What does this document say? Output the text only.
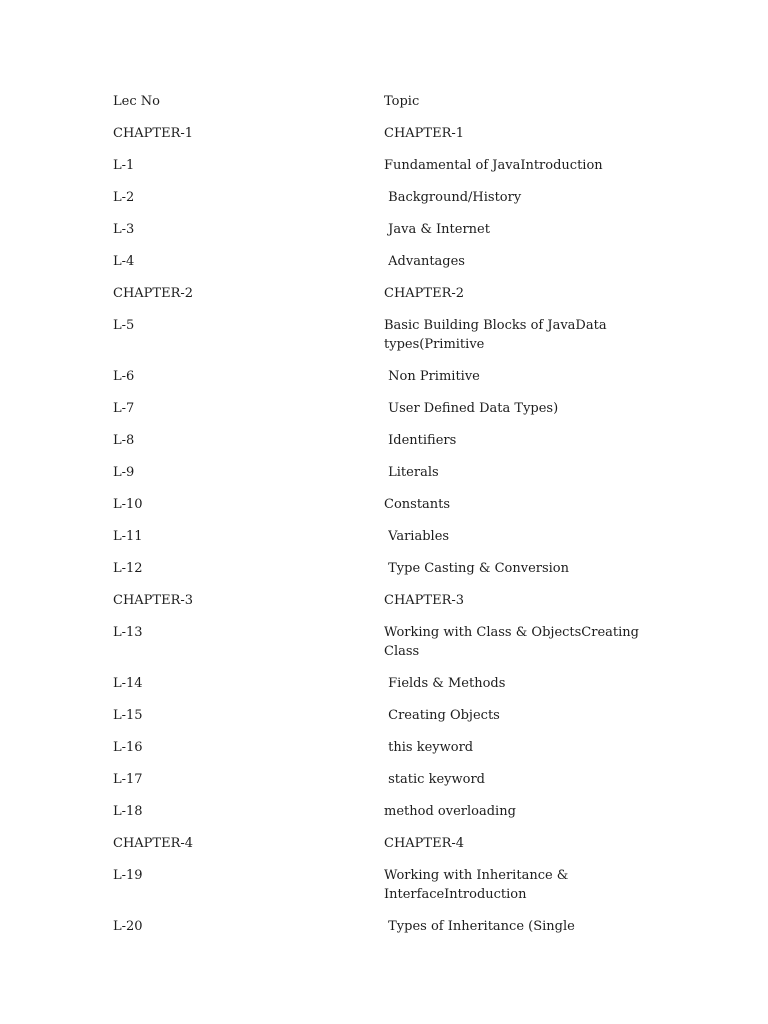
Lec No	Topic
CHAPTER-1	CHAPTER-1
L-1	Fundamental of JavaIntroduction
L-2	Background/History
L-3	Java & Internet
L-4	Advantages
CHAPTER-2	CHAPTER-2
L-5	Basic Building Blocks of JavaData
types(Primitive
L-6	Non Primitive
L-7	User Defined Data Types)
L-8	Identifiers
L-9	Literals
L-10	Constants
L-11	Variables
L-12	Type Casting & Conversion
CHAPTER-3	CHAPTER-3
L-13	Working with Class & ObjectsCreating Class
L-14	Fields & Methods
L-15	Creating Objects
L-16	this keyword
L-17	static keyword
L-18	method overloading
CHAPTER-4	CHAPTER-4
L-19	Working with Inheritance &
InterfaceIntroduction
L-20	Types of Inheritance (Single
